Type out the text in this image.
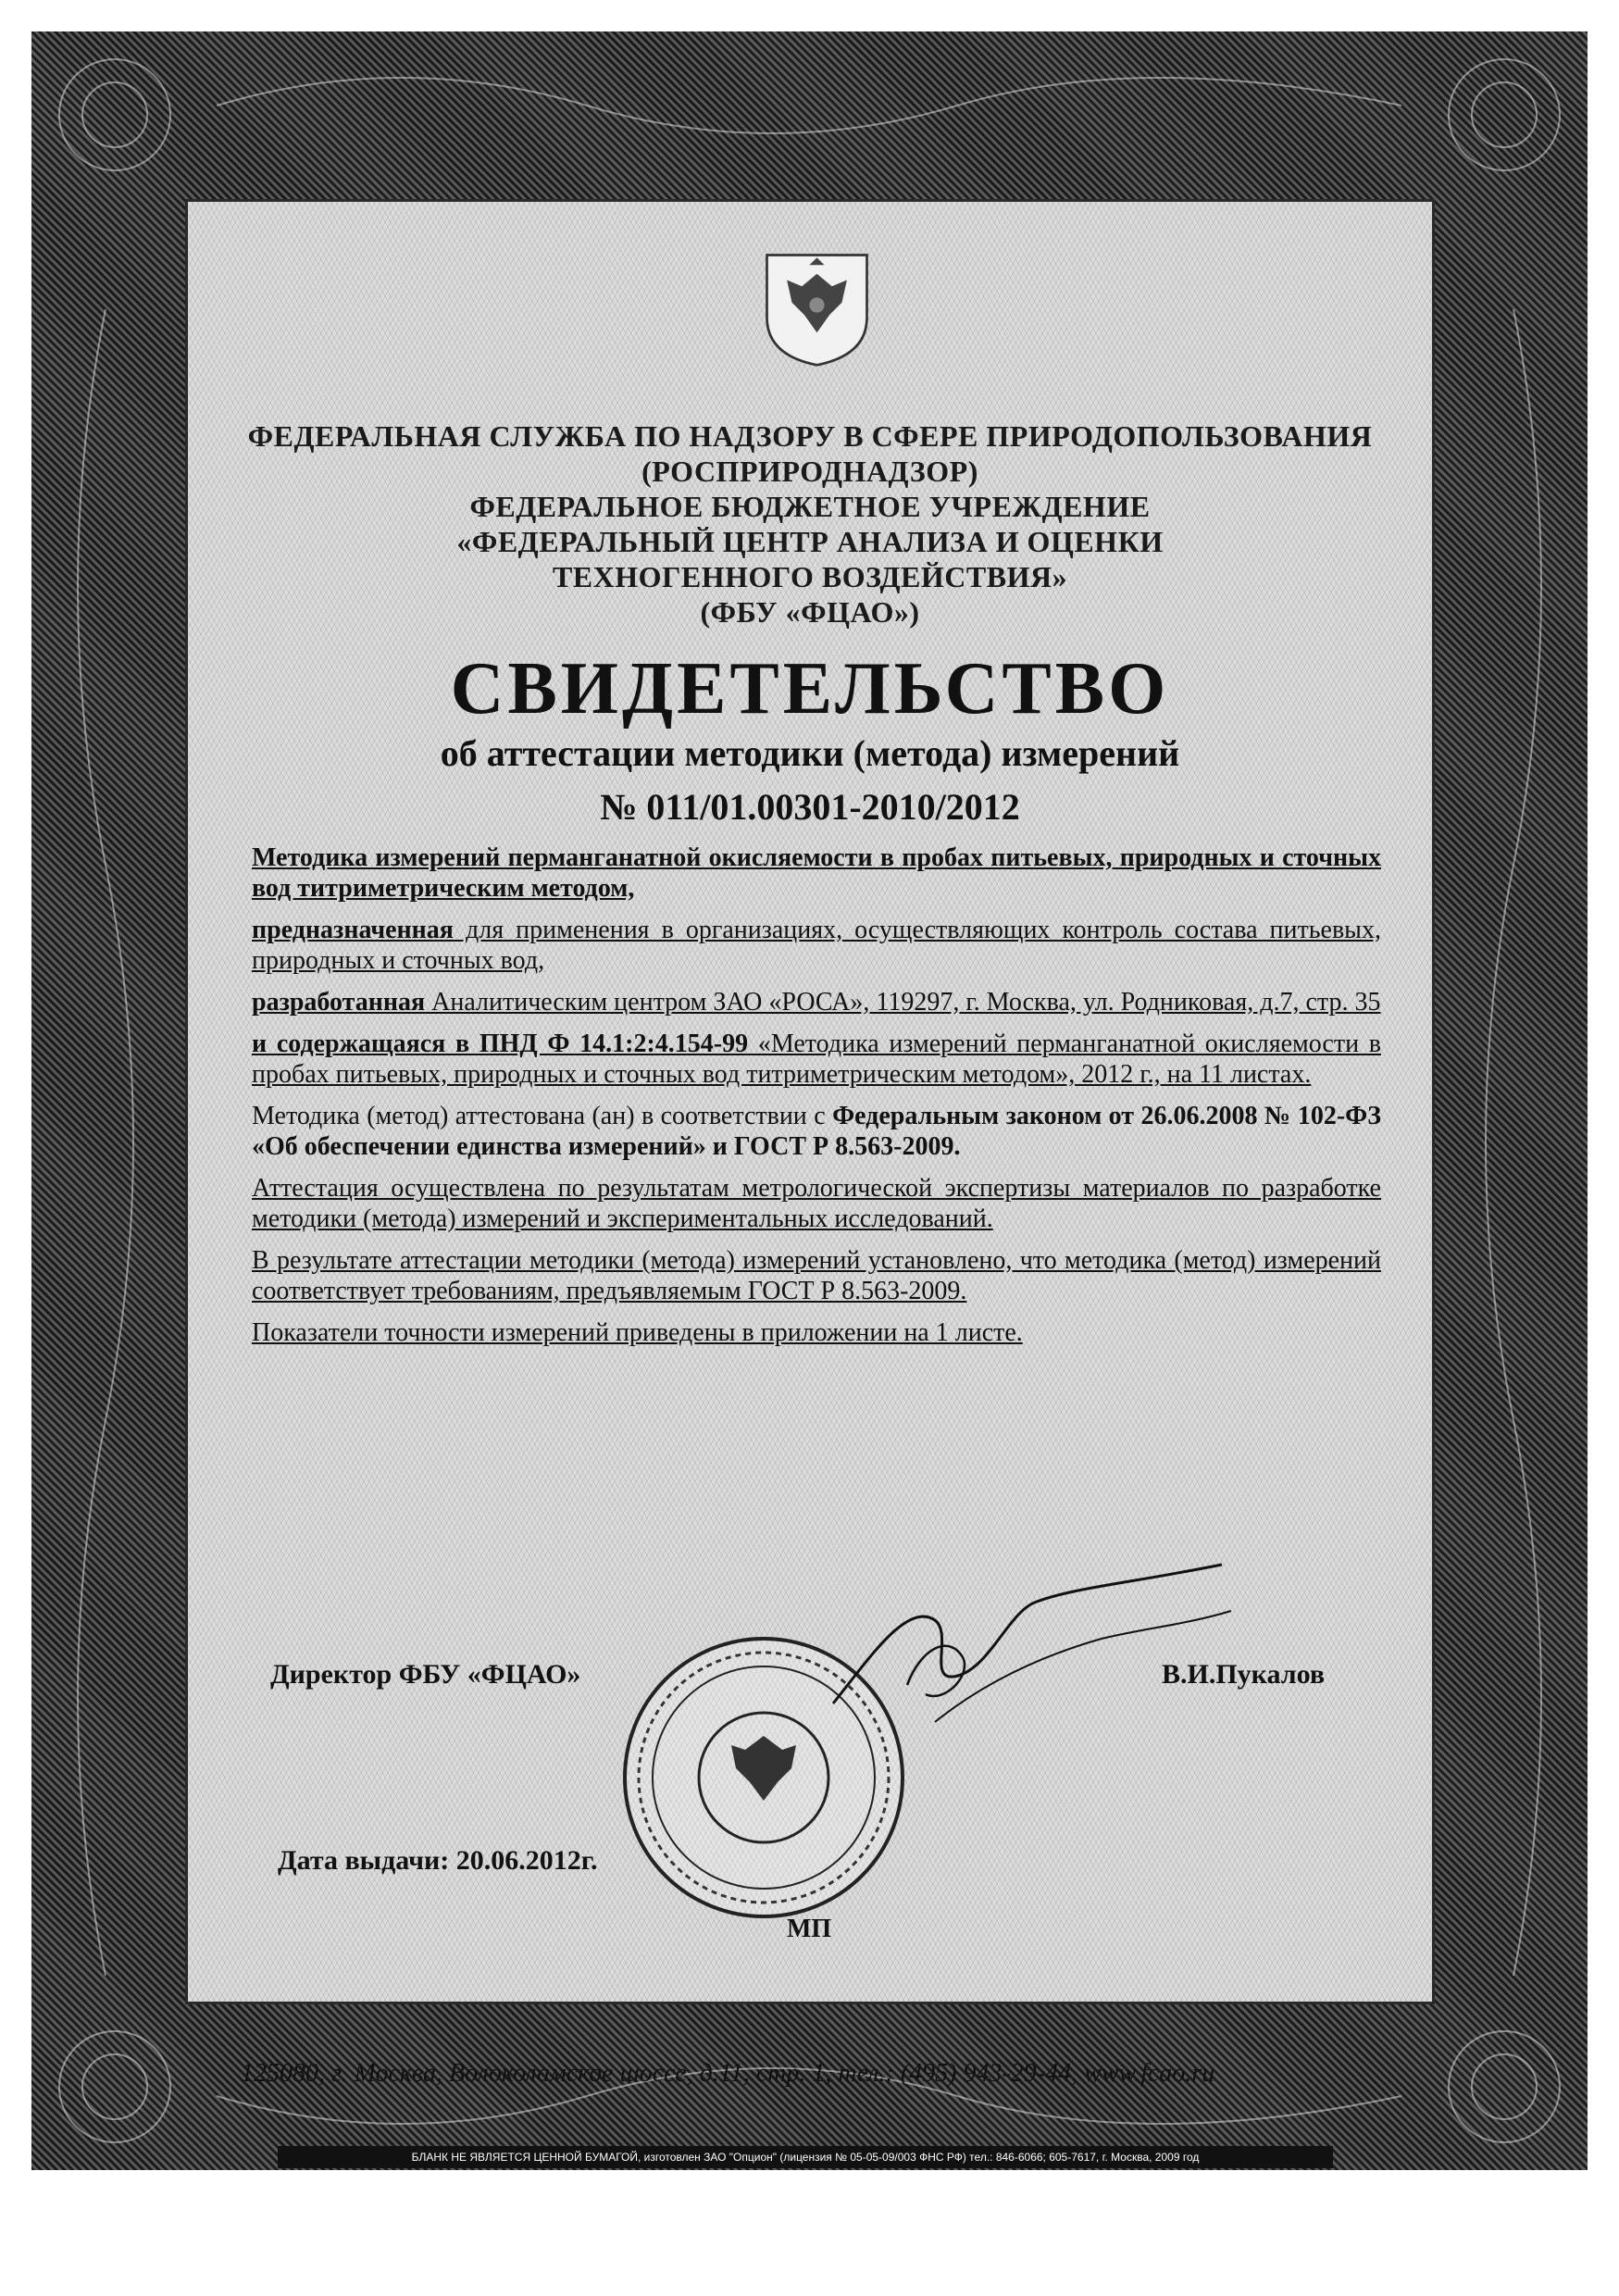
ФЕДЕРАЛЬНАЯ СЛУЖБА ПО НАДЗОРУ В СФЕРЕ ПРИРОДОПОЛЬЗОВАНИЯ
(РОСПРИРОДНАДЗОР)
ФЕДЕРАЛЬНОЕ БЮДЖЕТНОЕ УЧРЕЖДЕНИЕ
«ФЕДЕРАЛЬНЫЙ ЦЕНТР АНАЛИЗА И ОЦЕНКИ
ТЕХНОГЕННОГО ВОЗДЕЙСТВИЯ»
(ФБУ «ФЦАО»)
СВИДЕТЕЛЬСТВО
об аттестации методики (метода) измерений
№ 011/01.00301-2010/2012

Методика измерений перманганатной окисляемости в пробах питьевых, природных и сточных вод титриметрическим методом,

предназначенная для применения в организациях, осуществляющих контроль состава питьевых, природных и сточных вод,

разработанная Аналитическим центром ЗАО «РОСА», 119297, г. Москва, ул. Родниковая, д.7, стр. 35

и содержащаяся в ПНД Ф 14.1:2:4.154-99 «Методика измерений перманганатной окисляемости в пробах питьевых, природных и сточных вод титриметрическим методом», 2012 г., на 11 листах.

Методика (метод) аттестована (ан) в соответствии с Федеральным законом от 26.06.2008 № 102-ФЗ «Об обеспечении единства измерений» и ГОСТ Р 8.563-2009.

Аттестация осуществлена по результатам метрологической экспертизы материалов по разработке методики (метода) измерений и экспериментальных исследований.

В результате аттестации методики (метода) измерений установлено, что методика (метод) измерений соответствует требованиям, предъявляемым ГОСТ Р 8.563-2009.

Показатели точности измерений приведены в приложении на 1 листе.

Директор ФБУ «ФЦАО»	В.И.Пукалов
Дата выдачи: 20.06.2012г.
МП
125080, г. Москва, Волоколамское шоссе, д.11, стр. 1, тел.: (495) 943-29-44, www.fcao.ru
БЛАНК НЕ ЯВЛЯЕТСЯ ЦЕННОЙ БУМАГОЙ, изготовлен ЗАО "Опцион" (лицензия № 05-05-09/003 ФНС РФ) тел.: 846-6066; 605-7617, г. Москва, 2009 год
